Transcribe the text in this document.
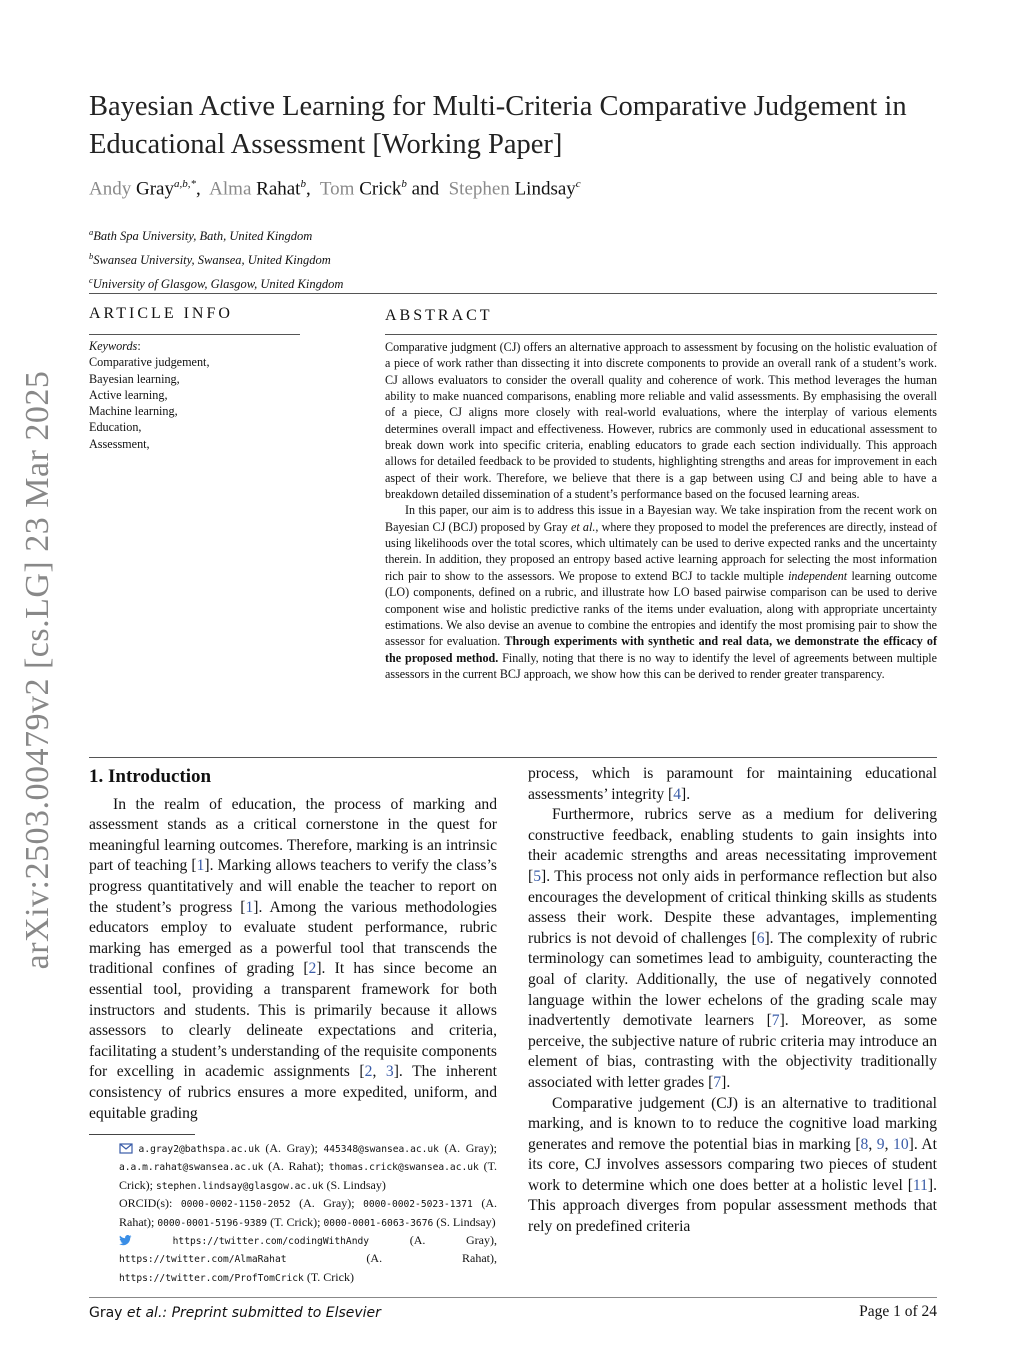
arXiv:2503.00479v2 [cs.LG] 23 Mar 2025
Bayesian Active Learning for Multi-Criteria Comparative Judgement in Educational Assessment [Working Paper]
Andy Gray$^{a,b,*}$,  Alma Rahat$^b$,  Tom Crick$^b$ and  Stephen Lindsay$^c$
$^a$Bath Spa University, Bath, United Kingdom
$^b$Swansea University, Swansea, United Kingdom
$^c$University of Glasgow, Glasgow, United Kingdom
ARTICLE INFO	ABSTRACT
Keywords:
Comparative judgement,
Bayesian learning,
Active learning,
Machine learning,
Education,
Assessment,

Comparative judgment (CJ) offers an alternative approach to assessment by focusing on the holistic evaluation of a piece of work rather than dissecting it into discrete components to provide an overall rank of a student’s work. CJ allows evaluators to consider the overall quality and coherence of work. This method leverages the human ability to make nuanced comparisons, enabling more reliable and valid assessments. By emphasising the overall of a piece, CJ aligns more closely with real-world evaluations, where the interplay of various elements determines overall impact and effectiveness. However, rubrics are commonly used in educational assessment to break down work into specific criteria, enabling educators to grade each section individually. This approach allows for detailed feedback to be provided to students, highlighting strengths and areas for improvement in each aspect of their work. Therefore, we believe that there is a gap between using CJ and being able to have a breakdown detailed dissemination of a student’s performance based on the focused learning areas.

In this paper, our aim is to address this issue in a Bayesian way. We take inspiration from the recent work on Bayesian CJ (BCJ) proposed by Gray et al., where they proposed to model the preferences are directly, instead of using likelihoods over the total scores, which ultimately can be used to derive expected ranks and the uncertainty therein. In addition, they proposed an entropy based active learning approach for selecting the most information rich pair to show to the assessors. We propose to extend BCJ to tackle multiple independent learning outcome (LO) components, defined on a rubric, and illustrate how LO based pairwise comparison can be used to derive component wise and holistic predictive ranks of the items under evaluation, along with appropriate uncertainty estimations. We also devise an avenue to combine the entropies and identify the most promising pair to show the assessor for evaluation. Through experiments with synthetic and real data, we demonstrate the efficacy of the proposed method. Finally, noting that there is no way to identify the level of agreements between multiple assessors in the current BCJ approach, we show how this can be derived to render greater transparency.

1. Introduction

In the realm of education, the process of marking and assessment stands as a critical cornerstone in the quest for meaningful learning outcomes. Therefore, marking is an intrinsic part of teaching [1]. Marking allows teachers to verify the class’s progress quantitatively and will enable the teacher to report on the student’s progress [1]. Among the various methodologies educators employ to evaluate student performance, rubric marking has emerged as a powerful tool that transcends the traditional confines of grading [2]. It has since become an essential tool, providing a transparent framework for both instructors and students. This is primarily because it allows assessors to clearly delineate expectations and criteria, facilitating a student’s understanding of the requisite components for excelling in academic assignments [2, 3]. The inherent consistency of rubrics ensures a more expedited, uniform, and equitable grading

process, which is paramount for maintaining educational assessments’ integrity [4].

Furthermore, rubrics serve as a medium for delivering constructive feedback, enabling students to gain insights into their academic strengths and areas necessitating improvement [5]. This process not only aids in performance reflection but also encourages the development of critical thinking skills as students assess their work. Despite these advantages, implementing rubrics is not devoid of challenges [6]. The complexity of rubric terminology can sometimes lead to ambiguity, counteracting the goal of clarity. Additionally, the use of negatively connoted language within the lower echelons of the grading scale may inadvertently demotivate learners [7]. Moreover, as some perceive, the subjective nature of rubric criteria may introduce an element of bias, contrasting with the objectivity traditionally associated with letter grades [7].

Comparative judgement (CJ) is an alternative to traditional marking, and is known to to reduce the cognitive load marking generates and remove the potential bias in marking [8, 9, 10]. At its core, CJ involves assessors comparing two pieces of student work to determine which one does better at a holistic level [11]. This approach diverges from popular assessment methods that rely on predefined criteria

a.gray2@bathspa.ac.uk (A. Gray); 445348@swansea.ac.uk (A. Gray); a.a.m.rahat@swansea.ac.uk (A. Rahat); thomas.crick@swansea.ac.uk (T. Crick); stephen.lindsay@glasgow.ac.uk (S. Lindsay)

ORCID(s): 0000-0002-1150-2052 (A. Gray); 0000-0002-5023-1371 (A. Rahat); 0000-0001-5196-9389 (T. Crick); 0000-0001-6063-3676 (S. Lindsay)

https://twitter.com/codingWithAndy (A. Gray), https://twitter.com/AlmaRahat (A. Rahat), https://twitter.com/ProfTomCrick (T. Crick)

Gray et al.: Preprint submitted to Elsevier	Page 1 of 24
